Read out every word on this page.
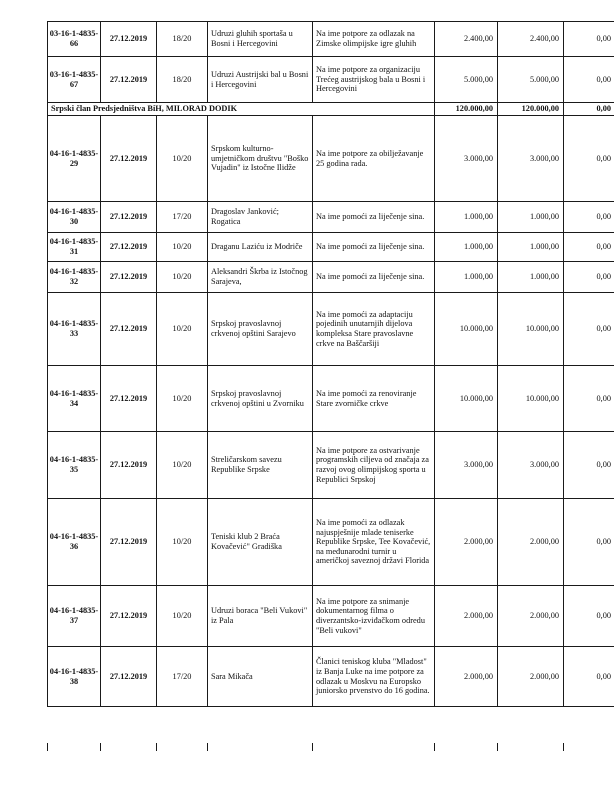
03-16-1-4835-66	27.12.2019	18/20	Udruzi gluhih sportaša u Bosni i Hercegovini	Na ime potpore za odlazak na Zimske olimpijske igre gluhih	2.400,00	2.400,00	0,00
03-16-1-4835-67	27.12.2019	18/20	Udruzi Austrijski bal u Bosni i Hercegovini	Na ime potpore za organizaciju Trećeg austrijskog bala u Bosni i Hercegovini	5.000,00	5.000,00	0,00
Srpski član Predsjedništva BiH, MILORAD DODIK					120.000,00	120.000,00	0,00
04-16-1-4835-29	27.12.2019	10/20	Srpskom kulturno-umjetničkom društvu "Boško Vujadin" iz Istočne Ilidže	Na ime potpore za obilježavanje 25 godina rada.	3.000,00	3.000,00	0,00
04-16-1-4835-30	27.12.2019	17/20	Dragoslav Janković; Rogatica	Na ime pomoći za liječenje sina.	1.000,00	1.000,00	0,00
04-16-1-4835-31	27.12.2019	10/20	Draganu Laziću iz Modriče	Na ime pomoći za liječenje sina.	1.000,00	1.000,00	0,00
04-16-1-4835-32	27.12.2019	10/20	Aleksandri Škrba iz Istočnog Sarajeva,	Na ime pomoći za liječenje sina.	1.000,00	1.000,00	0,00
04-16-1-4835-33	27.12.2019	10/20	Srpskoj pravoslavnoj crkvenoj opštini Sarajevo	Na ime pomoći za adaptaciju pojedinih unutarnjih dijelova kompleksa Stare pravoslavne crkve na Baščaršiji	10.000,00	10.000,00	0,00
04-16-1-4835-34	27.12.2019	10/20	Srpskoj pravoslavnoj crkvenoj opštini u Zvorniku	Na ime pomoći za renoviranje Stare zvorničke crkve	10.000,00	10.000,00	0,00
04-16-1-4835-35	27.12.2019	10/20	Streličarskom savezu Republike Srpske	Na ime potpore za ostvarivanje programskih ciljeva od značaja za razvoj ovog olimpijskog sporta u Republici Srpskoj	3.000,00	3.000,00	0,00
04-16-1-4835-36	27.12.2019	10/20	Teniski klub 2 Braća Kovačević" Gradiška	Na ime pomoći za odlazak najuspješnije mlade teniserke Republike Srpske, Tee Kovačević, na međunarodni turnir u američkoj saveznoj državi Florida	2.000,00	2.000,00	0,00
04-16-1-4835-37	27.12.2019	10/20	Udruzi boraca "Beli Vukovi" iz Pala	Na ime potpore za snimanje dokumentarnog filma o diverzantsko-izviđačkom odredu "Beli vukovi"	2.000,00	2.000,00	0,00
04-16-1-4835-38	27.12.2019	17/20	Sara Mikača	Članici teniskog kluba "Mladost" iz Banja Luke na ime potpore za odlazak u Moskvu na Europsko juniorsko prvenstvo do 16 godina.	2.000,00	2.000,00	0,00
